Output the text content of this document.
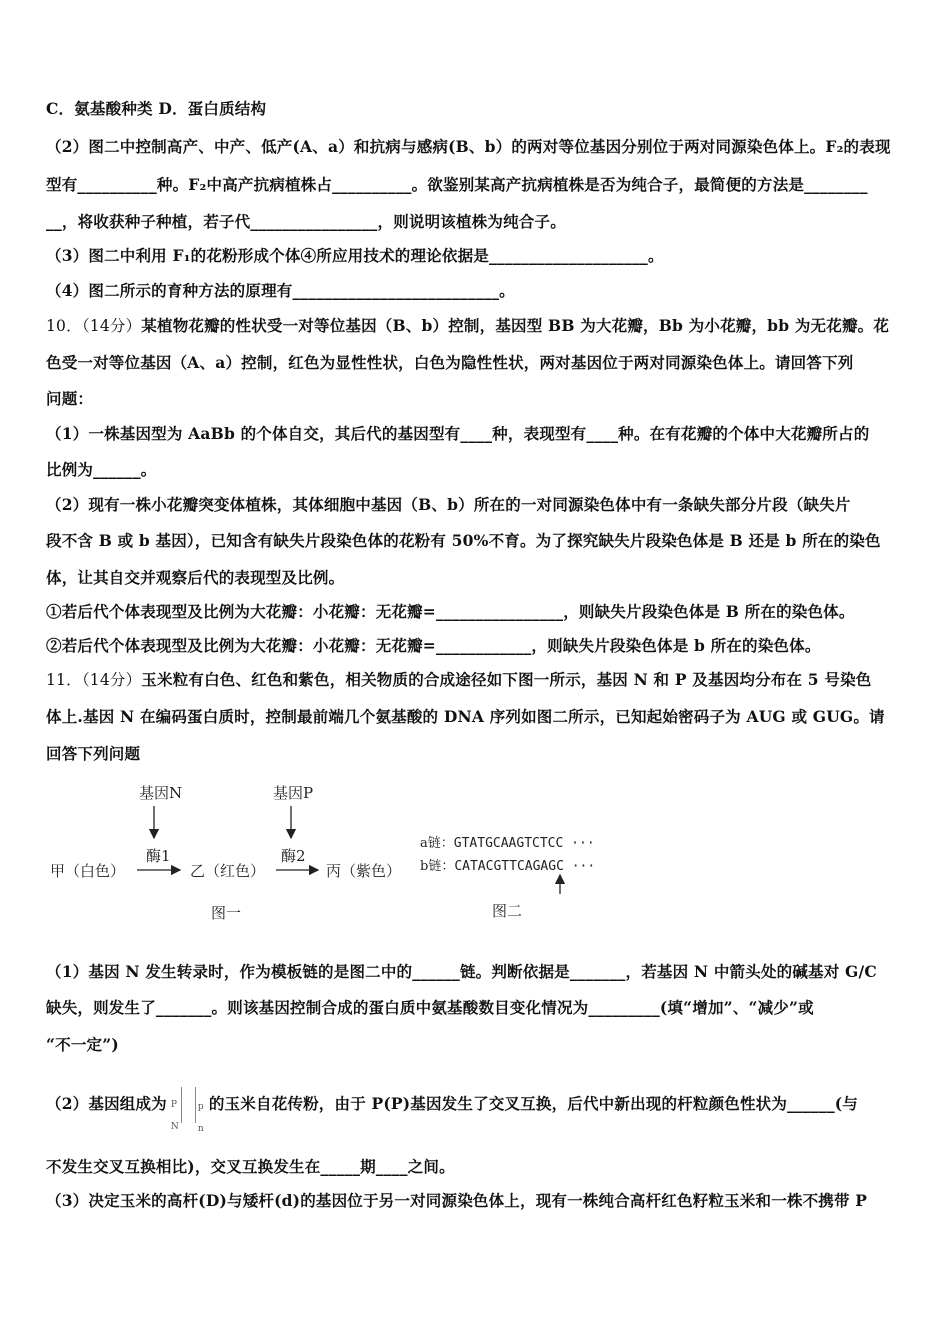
C．氨基酸种类 D．蛋白质结构
（2）图二中控制高产、中产、低产(A、a）和抗病与感病(B、b）的两对等位基因分别位于两对同源染色体上。F₂的表现
型有__________种。F₂中高产抗病植株占__________。欲鉴别某高产抗病植株是否为纯合子，最简便的方法是________
__，将收获种子种植，若子代________________，则说明该植株为纯合子。
（3）图二中利用 F₁的花粉形成个体④所应用技术的理论依据是____________________。
（4）图二所示的育种方法的原理有__________________________。
10．（14分）某植物花瓣的性状受一对等位基因（B、b）控制，基因型 BB 为大花瓣，Bb 为小花瓣，bb 为无花瓣。花
色受一对等位基因（A、a）控制，红色为显性性状，白色为隐性性状，两对基因位于两对同源染色体上。请回答下列
问题：
（1）一株基因型为 AaBb 的个体自交，其后代的基因型有____种，表现型有____种。在有花瓣的个体中大花瓣所占的
比例为______。
（2）现有一株小花瓣突变体植株，其体细胞中基因（B、b）所在的一对同源染色体中有一条缺失部分片段（缺失片
段不含 B 或 b 基因），已知含有缺失片段染色体的花粉有 50%不育。为了探究缺失片段染色体是 B 还是 b 所在的染色
体，让其自交并观察后代的表现型及比例。
①若后代个体表现型及比例为大花瓣：小花瓣：无花瓣=________________，则缺失片段染色体是 B 所在的染色体。
②若后代个体表现型及比例为大花瓣：小花瓣：无花瓣=____________，则缺失片段染色体是 b 所在的染色体。
11．（14分）玉米粒有白色、红色和紫色，相关物质的合成途径如下图一所示，基因 N 和 P 及基因均分布在 5 号染色
体上.基因 N 在编码蛋白质时，控制最前端几个氨基酸的 DNA 序列如图二所示，已知起始密码子为 AUG 或 GUG。请
回答下列问题
基因N	基因P
酶1	酶2
甲（白色）	乙（红色）	丙（紫色）
图一
a链：GTATGCAAGTCTCC ···
b链：CATACGTTCAGAGC ···
图二
（1）基因 N 发生转录时，作为模板链的是图二中的______链。判断依据是_______，若基因 N 中箭头处的碱基对 G/C
缺失，则发生了_______。则该基因控制合成的蛋白质中氨基酸数目变化情况为_________(填“增加”、“减少”或
“不一定”)
（2）基因组成为 P
N
p
n
的玉米自花传粉，由于 P(P)基因发生了交叉互换，后代中新出现的杆粒颜色性状为______(与
不发生交叉互换相比)，交叉互换发生在_____期____之间。
（3）决定玉米的高杆(D)与矮杆(d)的基因位于另一对同源染色体上，现有一株纯合高杆红色籽粒玉米和一株不携带 P
